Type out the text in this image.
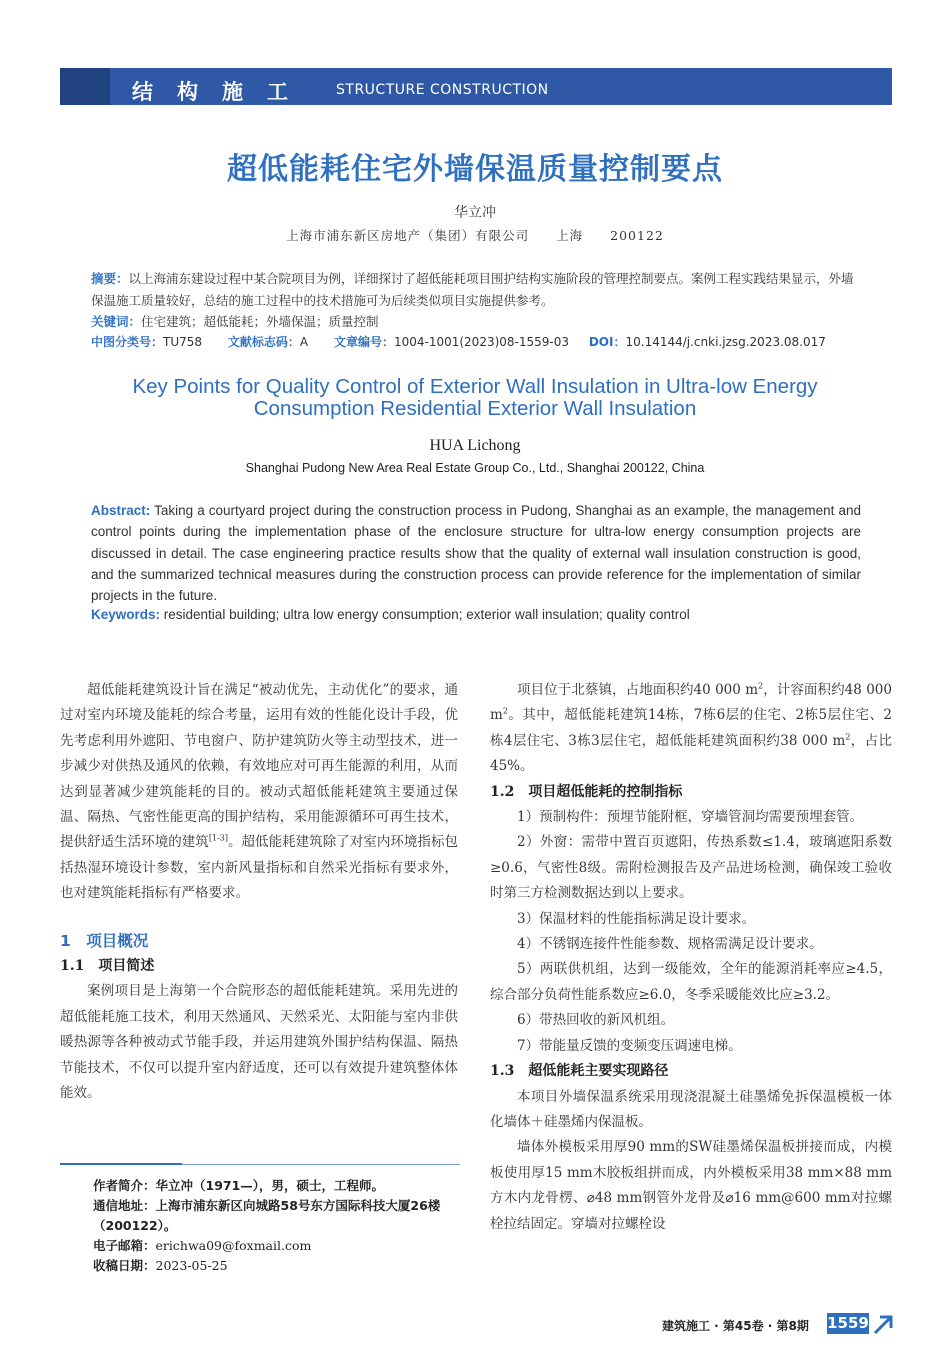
结构施工 STRUCTURE CONSTRUCTION
超低能耗住宅外墙保温质量控制要点
华立冲
上海市浦东新区房地产（集团）有限公司　　上海　　200122
摘要：以上海浦东建设过程中某合院项目为例，详细探讨了超低能耗项目围护结构实施阶段的管理控制要点。案例工程实践结果显示，外墙保温施工质量较好，总结的施工过程中的技术措施可为后续类似项目实施提供参考。
关键词：住宅建筑；超低能耗；外墙保温；质量控制
中图分类号：TU758 文献标志码：A 文章编号：1004-1001(2023)08-1559-03 DOI：10.14144/j.cnki.jzsg.2023.08.017
Key Points for Quality Control of Exterior Wall Insulation in Ultra-low Energy
Consumption Residential Exterior Wall Insulation
HUA Lichong
Shanghai Pudong New Area Real Estate Group Co., Ltd., Shanghai 200122, China
Abstract: Taking a courtyard project during the construction process in Pudong, Shanghai as an example, the management and control points during the implementation phase of the enclosure structure for ultra-low energy consumption projects are discussed in detail. The case engineering practice results show that the quality of external wall insulation construction is good, and the summarized technical measures during the construction process can provide reference for the implementation of similar projects in the future.
Keywords: residential building; ultra low energy consumption; exterior wall insulation; quality control

超低能耗建筑设计旨在满足“被动优先，主动优化”的要求，通过对室内环境及能耗的综合考量，运用有效的性能化设计手段，优先考虑利用外遮阳、节电窗户、防护建筑防火等主动型技术，进一步减少对供热及通风的依赖，有效地应对可再生能源的利用，从而达到显著减少建筑能耗的目的。被动式超低能耗建筑主要通过保温、隔热、气密性能更高的围护结构，采用能源循环可再生技术，提供舒适生活环境的建筑[1-3]。超低能耗建筑除了对室内环境指标包括热湿环境设计参数，室内新风量指标和自然采光指标有要求外，也对建筑能耗指标有严格要求。

1　项目概况
1.1　项目简述

案例项目是上海第一个合院形态的超低能耗建筑。采用先进的超低能耗施工技术，利用天然通风、天然采光、太阳能与室内非供暖热源等各种被动式节能手段，并运用建筑外围护结构保温、隔热节能技术，不仅可以提升室内舒适度，还可以有效提升建筑整体体能效。

作者简介：华立冲（1971—），男，硕士，工程师。
通信地址：上海市浦东新区向城路58号东方国际科技大厦26楼（200122）。
电子邮箱：erichwa09@foxmail.com
收稿日期：2023-05-25

项目位于北蔡镇，占地面积约40 000 $m^2$，计容面积约48 000 $m^2$。其中，超低能耗建筑14栋，7栋6层的住宅、2栋5层住宅、2栋4层住宅、3栋3层住宅，超低能耗建筑面积约38 000 $m^2$，占比45%。

1.2　项目超低能耗的控制指标

1）预制构件：预埋节能附框，穿墙管洞均需要预埋套管。

2）外窗：需带中置百页遮阳，传热系数≤1.4，玻璃遮阳系数≥0.6，气密性8级。需附检测报告及产品进场检测，确保竣工验收时第三方检测数据达到以上要求。

3）保温材料的性能指标满足设计要求。

4）不锈钢连接件性能参数、规格需满足设计要求。

5）两联供机组，达到一级能效，全年的能源消耗率应≥4.5，综合部分负荷性能系数应≥6.0，冬季采暖能效比应≥3.2。

6）带热回收的新风机组。

7）带能量反馈的变频变压调速电梯。

1.3　超低能耗主要实现路径

本项目外墙保温系统采用现浇混凝土硅墨烯免拆保温模板一体化墙体＋硅墨烯内保温板。

墙体外模板采用厚90 mm的SW硅墨烯保温板拼接而成，内模板使用厚15 mm木胶板组拼而成，内外模板采用38 mm×88 mm方木内龙骨楞、⌀48 mm钢管外龙骨及⌀16 mm@600 mm对拉螺栓拉结固定。穿墙对拉螺栓设

建筑施工 · 第45卷 · 第8期 1559
